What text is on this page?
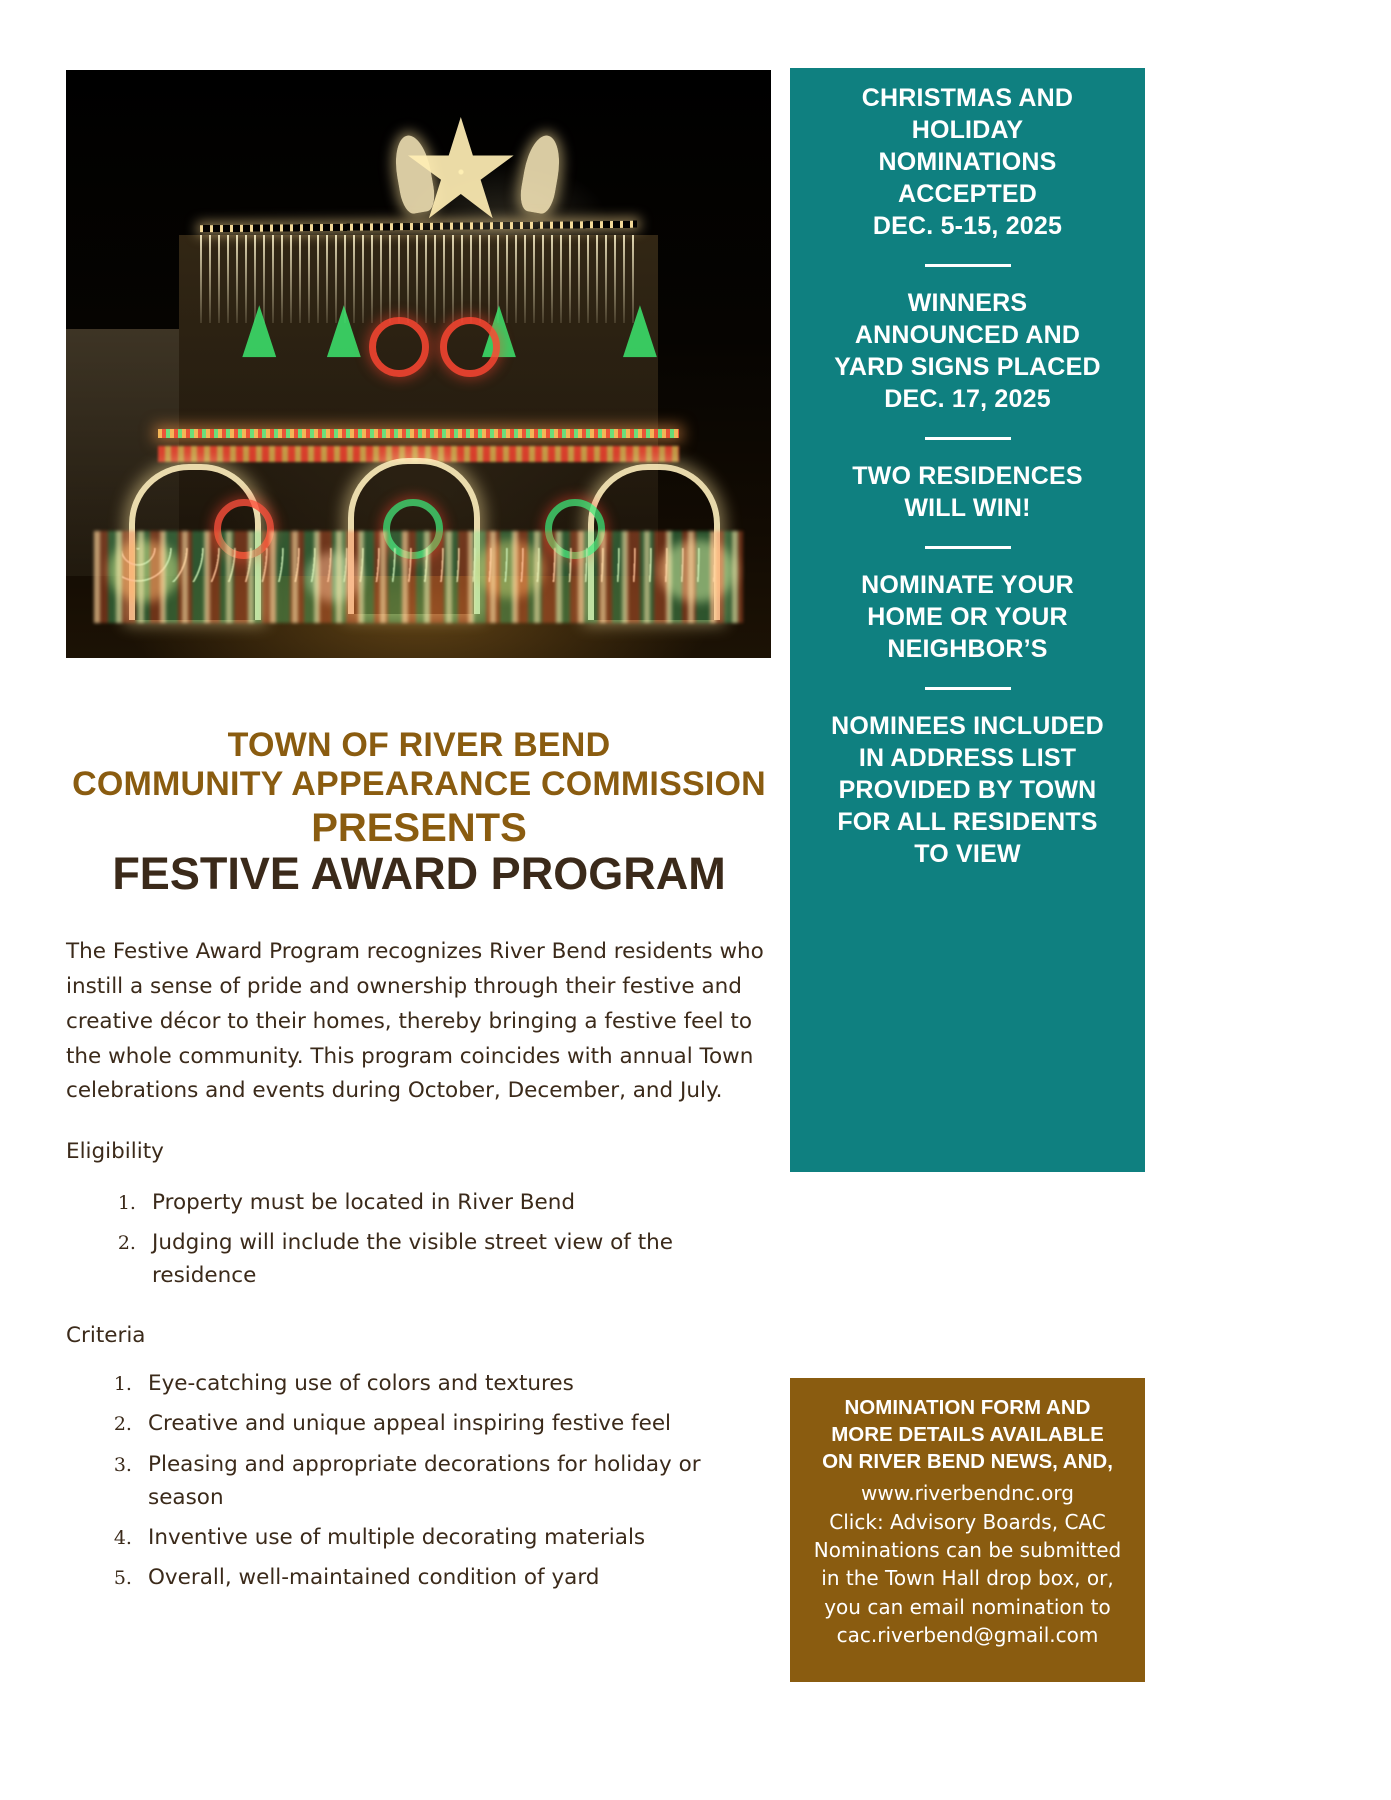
CHRISTMAS AND
HOLIDAY
NOMINATIONS
ACCEPTED
DEC. 5-15, 2025
WINNERS
ANNOUNCED AND
YARD SIGNS PLACED
DEC. 17, 2025
TWO RESIDENCES
WILL WIN!
NOMINATE YOUR
HOME OR YOUR
NEIGHBOR’S
NOMINEES INCLUDED
IN ADDRESS LIST
PROVIDED BY TOWN
FOR ALL RESIDENTS
TO VIEW
NOMINATION FORM AND
MORE DETAILS AVAILABLE
ON RIVER BEND NEWS, AND,
www.riverbendnc.org
Click: Advisory Boards, CAC
Nominations can be submitted
in the Town Hall drop box, or,
you can email nomination to
cac.riverbend@gmail.com
TOWN OF RIVER BEND
COMMUNITY APPEARANCE COMMISSION
PRESENTS
FESTIVE AWARD PROGRAM

The Festive Award Program recognizes River Bend residents who instill a sense of pride and ownership through their festive and creative décor to their homes, thereby bringing a festive feel to the whole community. This program coincides with annual Town celebrations and events during October, December, and July.

Eligibility
1. Property must be located in River Bend
2. Judging will include the visible street view of the residence
Criteria
1. Eye-catching use of colors and textures
2. Creative and unique appeal inspiring festive feel
3. Pleasing and appropriate decorations for holiday or season
4. Inventive use of multiple decorating materials
5. Overall, well-maintained condition of yard
